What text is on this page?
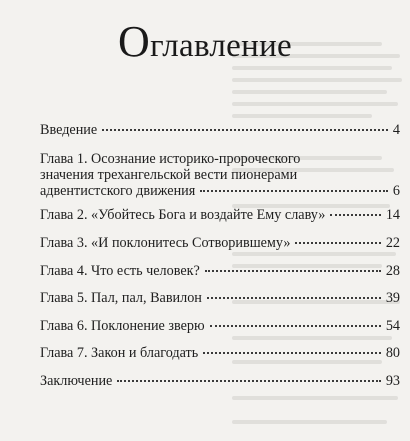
Оглавление
Введение	4
Глава 1. Осознание историко-пророческого
значения трехангельской вести пионерами
адвентистского движения	6
Глава 2. «Убойтесь Бога и воздайте Ему славу»	14
Глава 3. «И поклонитесь Сотворившему»	22
Глава 4. Что есть человек?	28
Глава 5. Пал, пал, Вавилон	39
Глава 6. Поклонение зверю	54
Глава 7. Закон и благодать	80
Заключение	93
